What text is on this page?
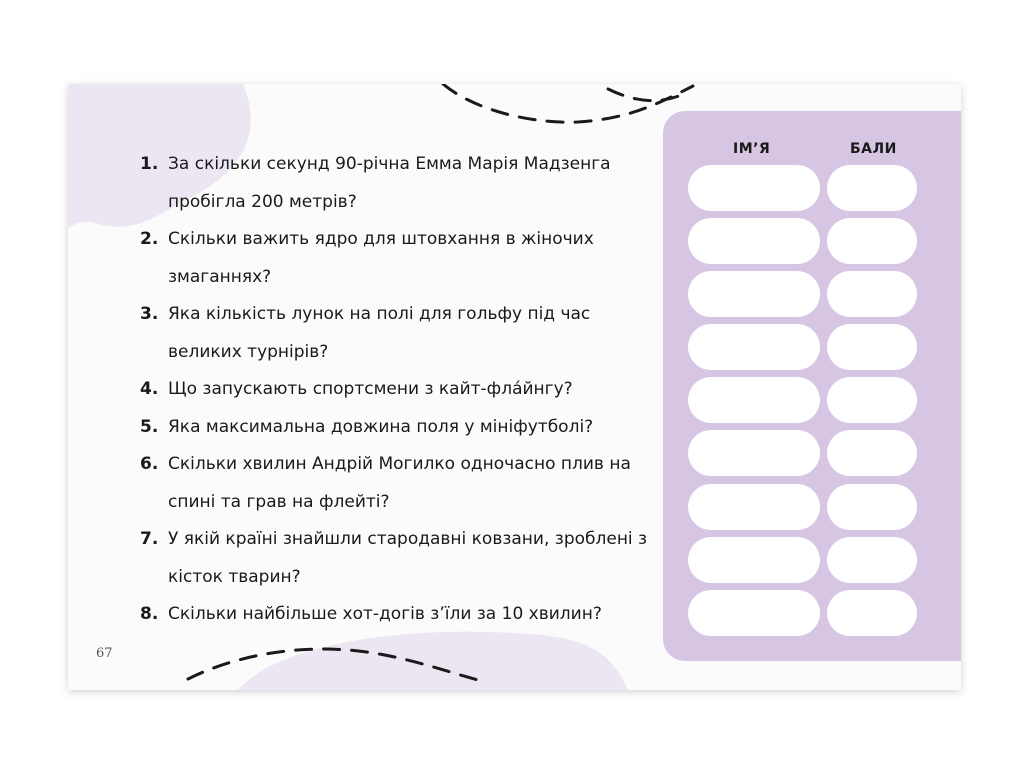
1. За скільки секунд 90-річна Емма Марія Мадзенга пробігла 200 метрів?
2. Скільки важить ядро для штовхання в жіночих змаганнях?
3. Яка кількість лунок на полі для гольфу під час великих турнірів?
4. Що запускають спортсмени з кайт-фла́йнгу?
5. Яка максимальна довжина поля у мініфутболі?
6. Скільки хвилин Андрій Могилко одночасно плив на спині та грав на флейті?
7. У якій країні знайшли стародавні ковзани, зроблені з кісток тварин?
8. Скільки найбільше хот-догів з’їли за 10 хвилин?
ІМ’Я	БАЛИ
67
